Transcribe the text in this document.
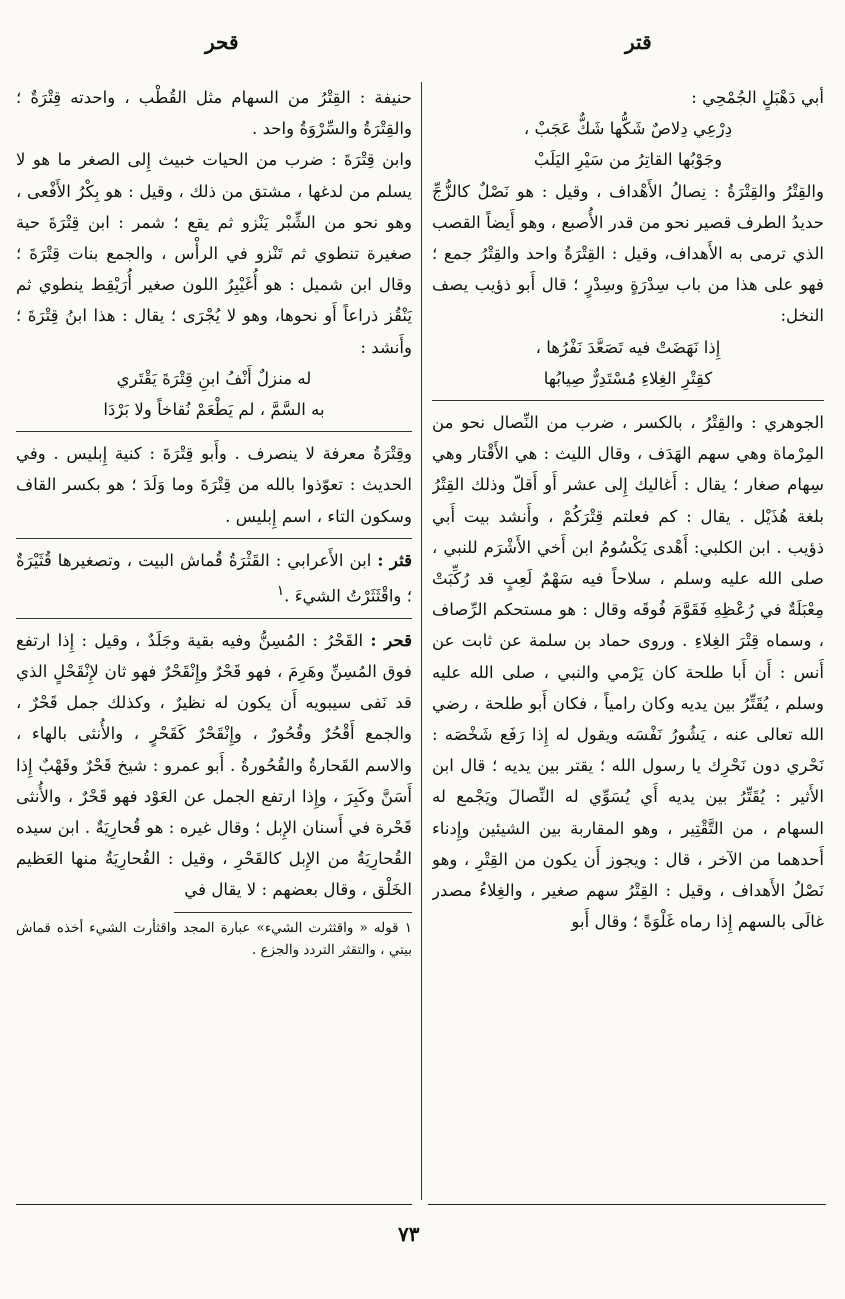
قحر	قتر

أبي دَهْبَلٍ الجُمْحِي :

دِرْعِي دِلاصٌ شَكُّها شَكٌّ عَجَبْ ،
وجَوْبُها القاتِرُ من سَيْرِ اليَلَبْ

والقِتْرُ والقِتْرَةُ : نِصالُ الأَهْداف ، وقيل : هو نَصْلٌ كالزُّجِّ حديدُ الطرف قصير نحو من قدر الأُصبع ، وهو أَيضاً القصب الذي ترمى به الأَهداف، وقيل : القِتْرَةُ واحد والقِتْرُ جمع ؛ فهو على هذا من باب سِدْرَةٍ وسِدْرٍ ؛ قال أَبو ذؤيب يصف النخل:

إِذا نَهَضَتْ فيه تَصَعَّدَ نَفْرُها ،
كقِتْرِ الغِلاءِ مُسْتَدِرٌّ صِيابُها

الجوهري : والقِتْرُ ، بالكسر ، ضرب من النِّصال نحو من المِرْماة وهي سهم الهَدَف ، وقال الليث : هي الأَقْتار وهي سِهام صغار ؛ يقال : أَغاليك إِلى عشر أَو أَقلّ وذلك القِتْرُ بلغة هُذَيْل . يقال : كم فعلتم قِتْرَكُمْ ، وأَنشد بيت أَبي ذؤيب . ابن الكلبي: أَهْدى يَكْسُومُ ابن أَخي الأَشْرَم للنبي ، صلى الله عليه وسلم ، سلاحاً فيه سَهْمٌ لَعِبٍ قد رُكِّبَتْ مِعْبَلَةٌ في رُعْظِهِ فَقَوَّمَ فُوقَه وقال : هو مستحكم الرِّصاف ، وسماه قِتْرَ الغِلاءِ . وروى حماد بن سلمة عن ثابت عن أَنس : أَن أَبا طلحة كان يَرْمي والنبي ، صلى الله عليه وسلم ، يُقَتِّرُ بين يديه وكان رامياً ، فكان أَبو طلحة ، رضي الله تعالى عنه ، يَشُورُ نَفْسَه ويقول له إِذا رَفَع شَخْصَه : نَحْري دون نَحْرِك يا رسول الله ؛ يقتر بين يديه ؛ قال ابن الأَثير : يُقَتِّرُ بين يديه أَي يُسَوِّي له النِّصالَ ويَجْمع له السهام ، من التَّقْتِير ، وهو المقاربة بين الشيئين وإِدناء أَحدهما من الآخر ، قال : ويجوز أَن يكون من القِتْرِ ، وهو نَصْلُ الأَهداف ، وقيل : القِتْرُ سهم صغير ، والغِلاءُ مصدر غالَى بالسهم إِذا رماه غَلْوَةً ؛ وقال أَبو

حنيفة : القِتْرُ من السهام مثل القُطْب ، واحدته قِتْرَةٌ ؛ والقِتْرَةُ والسِّرْوَةُ واحد .

وابن قِتْرَةَ : ضرب من الحيات خبيث إِلى الصغر ما هو لا يسلم من لدغها ، مشتق من ذلك ، وقيل : هو بِكْرُ الأَفْعى ، وهو نحو من الشِّبْر يَنْزو ثم يقع ؛ شمر : ابن قِتْرَةَ حية صغيرة تنطوي ثم تَنْزو في الرأْس ، والجمع بنات قِتْرَةَ ؛ وقال ابن شميل : هو أُغَيْبِرُ اللون صغير أُرَيْقِط ينطوي ثم يَنْقُز ذراعاً أَو نحوها، وهو لا يُجْرَى ؛ يقال : هذا ابنُ قِتْرَةَ ؛ وأَنشد :

له منزلٌ أَنْفُ ابنِ قِتْرَةَ يَقْتَري
به السَّمَّ ، لم يَطْعَمْ نُقاخاً ولا بَرْدَا

وقِتْرَةُ معرفة لا ينصرف . وأَبو قِتْرَةَ : كنية إِبليس . وفي الحديث : تعوّذوا بالله من قِتْرَةَ وما وَلَدَ ؛ هو بكسر القاف وسكون التاء ، اسم إِبليس .

قثر : ابن الأَعرابي : القَثْرَةُ قُماش البيت ، وتصغيرها قُثَيْرَةٌ ؛ واقْثَثَرْتُ الشيءَ .$^١$

قحر : القَحْرُ : المُسِنُّ وفيه بقية وجَلَدٌ ، وقيل : إِذا ارتفع فوق المُسِنِّ وهَرِمَ ، فهو قَحْرٌ وإِنْقَحْرٌ فهو ثان لإِنْقَحْلٍ الذي قد نَفى سيبويه أَن يكون له نظيرٌ ، وكذلك جمل قَحْرٌ ، والجمع أَقْحُرٌ وقُحُورٌ ، وإِنْقَحْرٌ كَقَحْرٍ ، والأُنثى بالهاء ، والاسم القَحارةُ والقُحُورةُ . أَبو عمرو : شيخ قَحْرٌ وقَهْبٌ إِذا أَسَنَّ وكَبِرَ ، وإِذا ارتفع الجمل عن العَوْد فهو قَحْرٌ ، والأُنثى قَحْرة في أَسنان الإِبل ؛ وقال غيره : هو قُحارِيَةٌ . ابن سيده القُحارِيَةُ من الإِبل كالقَحْرِ ، وقيل : القُحارِيَةُ منها العَظيم الخَلْق ، وقال بعضهم : لا يقال في

١ قوله « واقثثرت الشيء» عبارة المجد واقثأرت الشيء أخذه قماش بيتي ، والتقثر التردد والجزع .

٧٣
